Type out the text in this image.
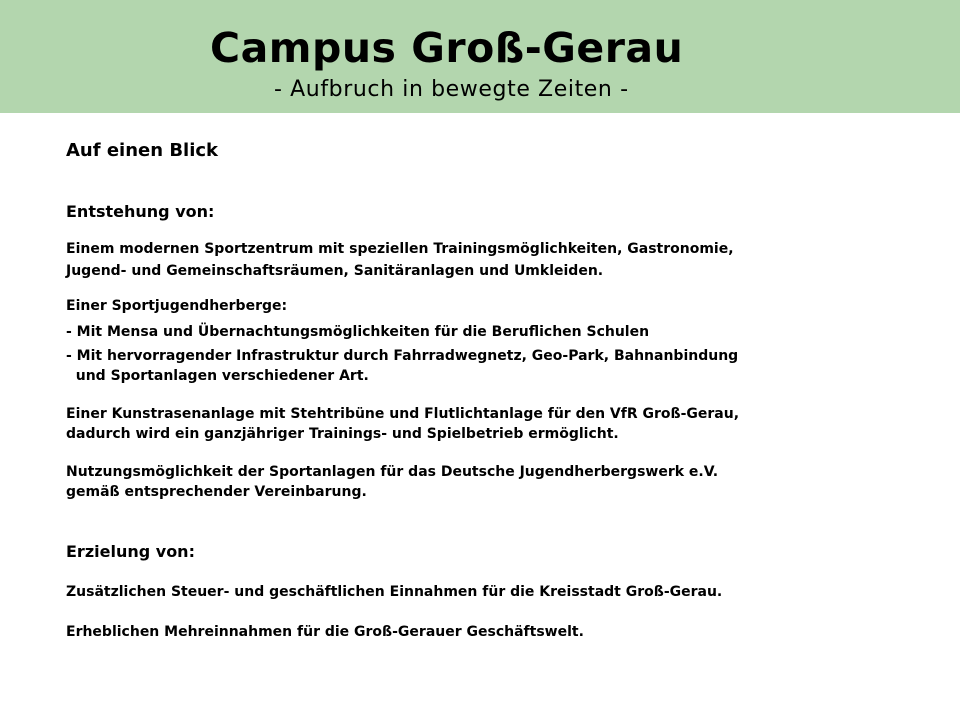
Campus Groß-Gerau
- Aufbruch in bewegte Zeiten -
Auf einen Blick
Entstehung von:
Einem modernen Sportzentrum mit speziellen Trainingsmöglichkeiten, Gastronomie,
Jugend- und Gemeinschaftsräumen, Sanitäranlagen und Umkleiden.
Einer Sportjugendherberge:
- Mit Mensa und Übernachtungsmöglichkeiten für die Beruflichen Schulen
- Mit hervorragender Infrastruktur durch Fahrradwegnetz, Geo-Park, Bahnanbindung
und Sportanlagen verschiedener Art.
Einer Kunstrasenanlage mit Stehtribüne und Flutlichtanlage für den VfR Groß-Gerau,
dadurch wird ein ganzjähriger Trainings- und Spielbetrieb ermöglicht.
Nutzungsmöglichkeit der Sportanlagen für das Deutsche Jugendherbergswerk e.V.
gemäß entsprechender Vereinbarung.
Erzielung von:
Zusätzlichen Steuer- und geschäftlichen Einnahmen für die Kreisstadt Groß-Gerau.
Erheblichen Mehreinnahmen für die Groß-Gerauer Geschäftswelt.
